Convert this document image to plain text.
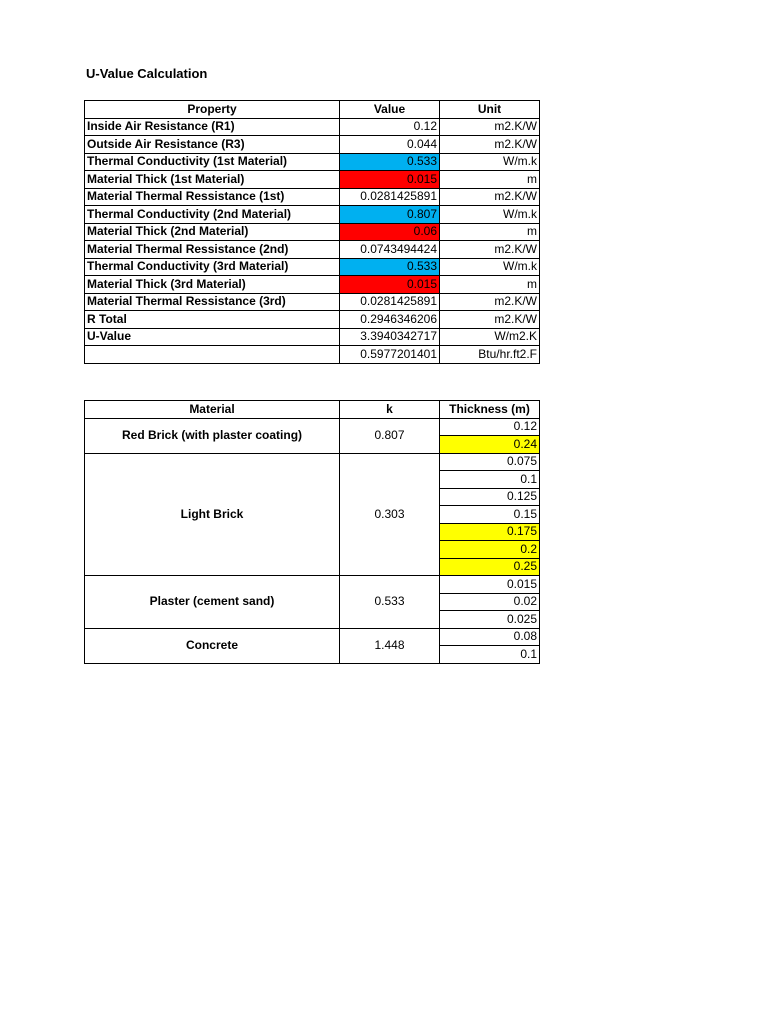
U-Value Calculation
Property	Value	Unit
Inside Air Resistance (R1)	0.12	m2.K/W
Outside Air Resistance (R3)	0.044	m2.K/W
Thermal Conductivity (1st Material)	0.533	W/m.k
Material Thick (1st Material)	0.015	m
Material Thermal Ressistance (1st)	0.0281425891	m2.K/W
Thermal Conductivity (2nd Material)	0.807	W/m.k
Material Thick (2nd Material)	0.06	m
Material Thermal Ressistance (2nd)	0.0743494424	m2.K/W
Thermal Conductivity (3rd Material)	0.533	W/m.k
Material Thick (3rd Material)	0.015	m
Material Thermal Ressistance (3rd)	0.0281425891	m2.K/W
R Total	0.2946346206	m2.K/W
U-Value	3.3940342717	W/m2.K
	0.5977201401	Btu/hr.ft2.F
Material	k	Thickness (m)
Red Brick (with plaster coating)	0.807	0.12
		0.24
Light Brick	0.303	0.075
		0.1
		0.125
		0.15
		0.175
		0.2
		0.25
Plaster (cement sand)	0.533	0.015
		0.02
		0.025
Concrete	1.448	0.08
		0.1
